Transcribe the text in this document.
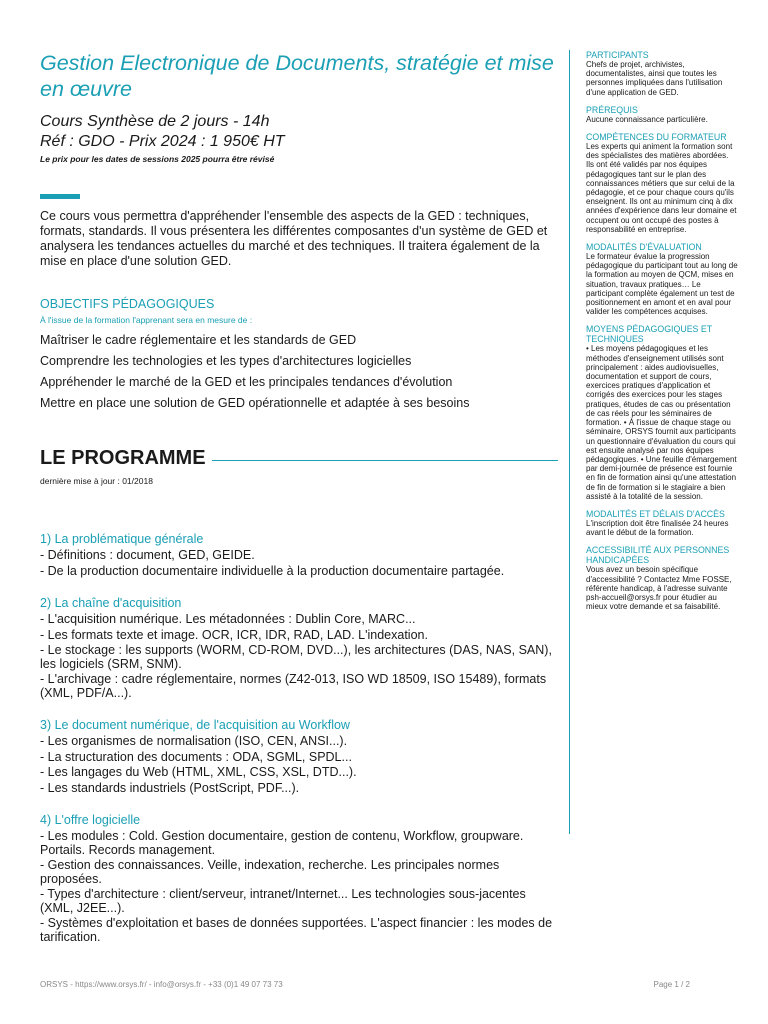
Gestion Electronique de Documents, stratégie et mise en œuvre
Cours Synthèse de 2 jours - 14h
Réf : GDO - Prix 2024 : 1 950€ HT
Le prix pour les dates de sessions 2025 pourra être révisé
Ce cours vous permettra d'appréhender l'ensemble des aspects de la GED : techniques, formats, standards. Il vous présentera les différentes composantes d'un système de GED et analysera les tendances actuelles du marché et des techniques. Il traitera également de la mise en place d'une solution GED.
OBJECTIFS PÉDAGOGIQUES
À l'issue de la formation l'apprenant sera en mesure de :
Maîtriser le cadre réglementaire et les standards de GED
Comprendre les technologies et les types d'architectures logicielles
Appréhender le marché de la GED et les principales tendances d'évolution
Mettre en place une solution de GED opérationnelle et adaptée à ses besoins
LE PROGRAMME
dernière mise à jour : 01/2018
1) La problématique générale
- Définitions : document, GED, GEIDE.
- De la production documentaire individuelle à la production documentaire partagée.
2) La chaîne d'acquisition
- L'acquisition numérique. Les métadonnées : Dublin Core, MARC...
- Les formats texte et image. OCR, ICR, IDR, RAD, LAD. L'indexation.
- Le stockage : les supports (WORM, CD-ROM, DVD...), les architectures (DAS, NAS, SAN), les logiciels (SRM, SNM).
- L'archivage : cadre réglementaire, normes (Z42-013, ISO WD 18509, ISO 15489), formats (XML, PDF/A...).
3) Le document numérique, de l'acquisition au Workflow
- Les organismes de normalisation (ISO, CEN, ANSI...).
- La structuration des documents : ODA, SGML, SPDL...
- Les langages du Web (HTML, XML, CSS, XSL, DTD...).
- Les standards industriels (PostScript, PDF...).
4) L'offre logicielle
- Les modules : Cold. Gestion documentaire, gestion de contenu, Workflow, groupware. Portails. Records management.
- Gestion des connaissances. Veille, indexation, recherche. Les principales normes proposées.
- Types d'architecture : client/serveur, intranet/Internet... Les technologies sous-jacentes (XML, J2EE...).
- Systèmes d'exploitation et bases de données supportées. L'aspect financier : les modes de tarification.
PARTICIPANTS
Chefs de projet, archivistes, documentalistes, ainsi que toutes les personnes impliquées dans l'utilisation d'une application de GED.
PRÉREQUIS
Aucune connaissance particulière.
COMPÉTENCES DU FORMATEUR
Les experts qui animent la formation sont des spécialistes des matières abordées. Ils ont été validés par nos équipes pédagogiques tant sur le plan des connaissances métiers que sur celui de la pédagogie, et ce pour chaque cours qu'ils enseignent. Ils ont au minimum cinq à dix années d'expérience dans leur domaine et occupent ou ont occupé des postes à responsabilité en entreprise.
MODALITÉS D'ÉVALUATION
Le formateur évalue la progression pédagogique du participant tout au long de la formation au moyen de QCM, mises en situation, travaux pratiques… Le participant complète également un test de positionnement en amont et en aval pour valider les compétences acquises.
MOYENS PÉDAGOGIQUES ET TECHNIQUES
• Les moyens pédagogiques et les méthodes d'enseignement utilisés sont principalement : aides audiovisuelles, documentation et support de cours, exercices pratiques d'application et corrigés des exercices pour les stages pratiques, études de cas ou présentation de cas réels pour les séminaires de formation. • À l'issue de chaque stage ou séminaire, ORSYS fournit aux participants un questionnaire d'évaluation du cours qui est ensuite analysé par nos équipes pédagogiques. • Une feuille d'émargement par demi-journée de présence est fournie en fin de formation ainsi qu'une attestation de fin de formation si le stagiaire a bien assisté à la totalité de la session.
MODALITÉS ET DÉLAIS D'ACCÈS
L'inscription doit être finalisée 24 heures avant le début de la formation.
ACCESSIBILITÉ AUX PERSONNES HANDICAPÉES
Vous avez un besoin spécifique d'accessibilité ? Contactez Mme FOSSE, référente handicap, à l'adresse suivante psh-accueil@orsys.fr pour étudier au mieux votre demande et sa faisabilité.
ORSYS - https://www.orsys.fr/ - info@orsys.fr - +33 (0)1 49 07 73 73	Page 1 / 2
